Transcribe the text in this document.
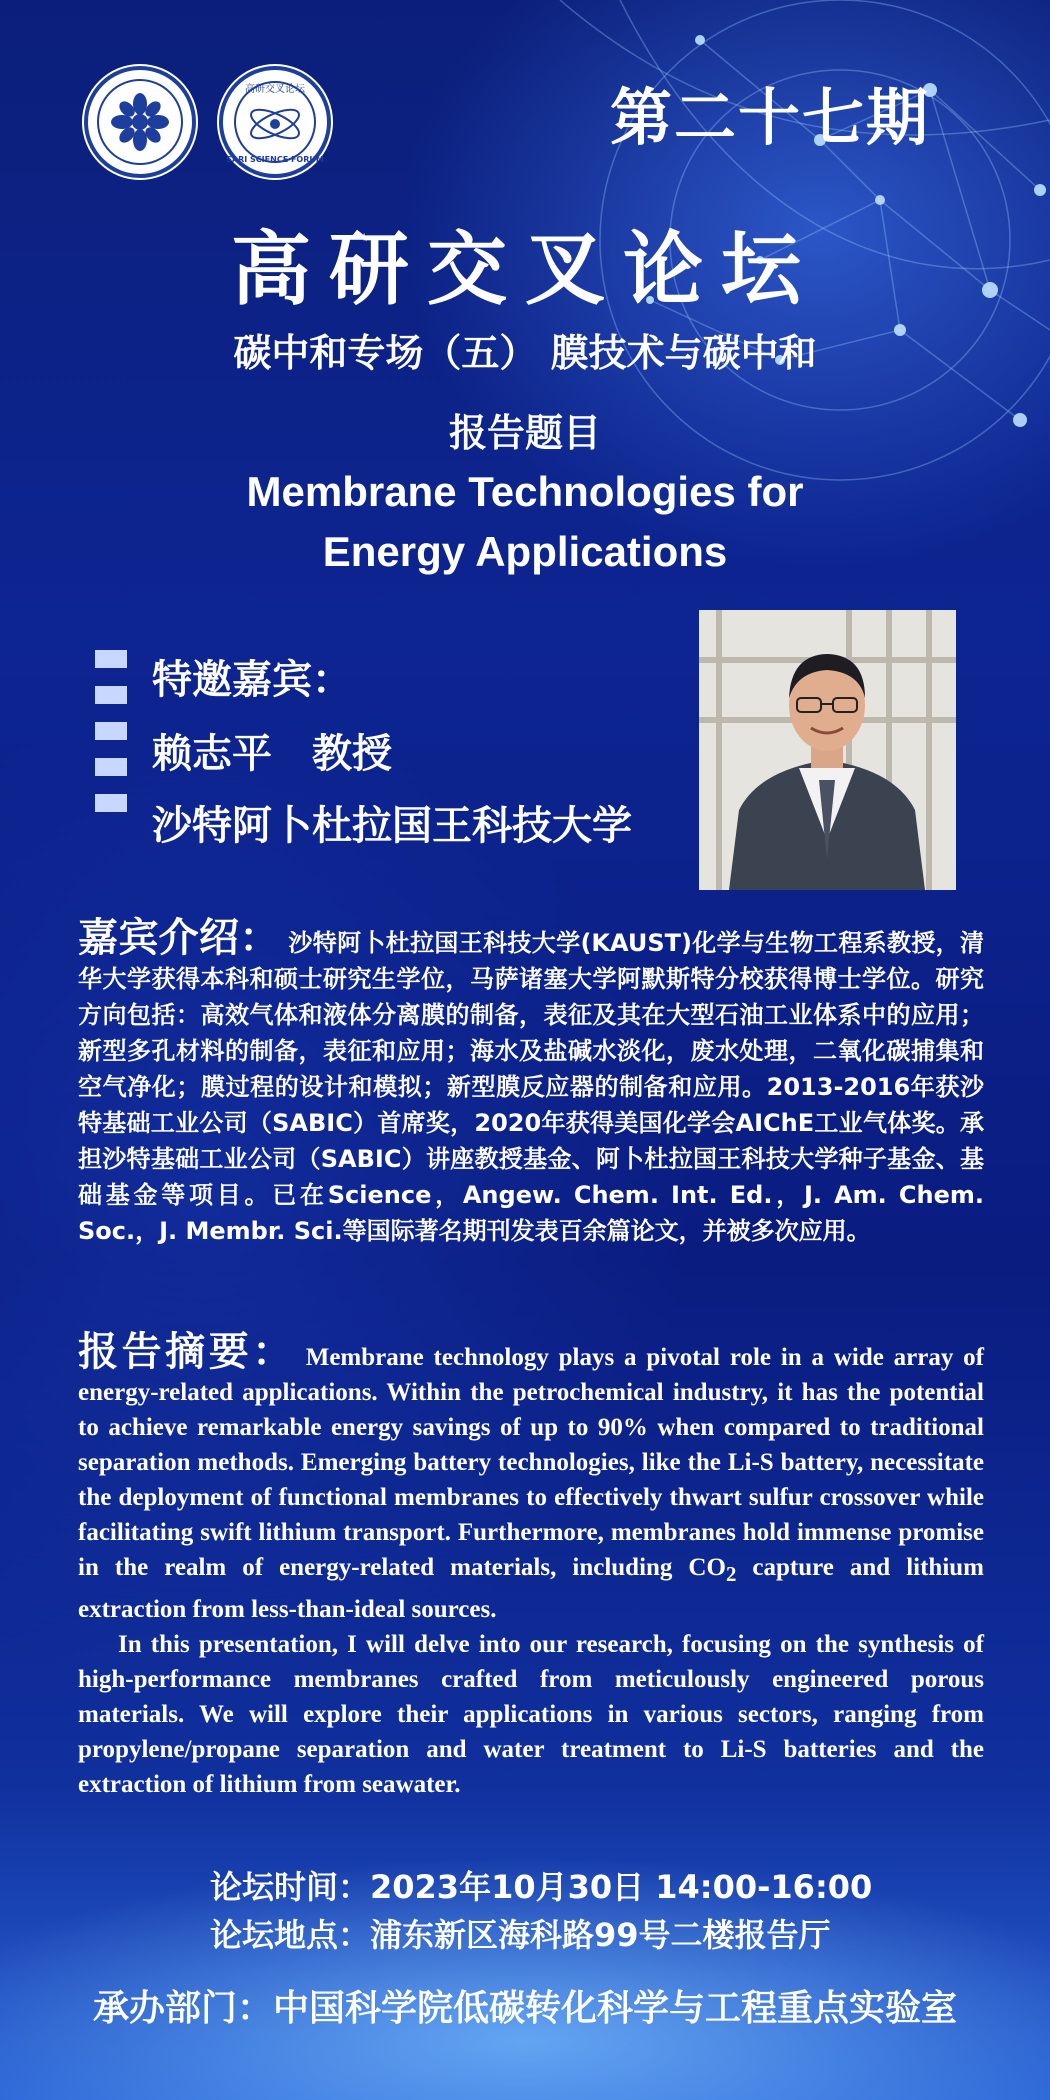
高研交叉论坛
SARI SCIENCE FORUM
第二十七期
高研交叉论坛
碳中和专场（五） 膜技术与碳中和
报告题目
Membrane Technologies for
Energy Applications
特邀嘉宾：
赖志平　教授
沙特阿卜杜拉国王科技大学
嘉宾介绍： 沙特阿卜杜拉国王科技大学(KAUST)化学与生物工程系教授，清华大学获得本科和硕士研究生学位，马萨诸塞大学阿默斯特分校获得博士学位。研究方向包括：高效气体和液体分离膜的制备，表征及其在大型石油工业体系中的应用；新型多孔材料的制备，表征和应用；海水及盐碱水淡化，废水处理，二氧化碳捕集和空气净化；膜过程的设计和模拟；新型膜反应器的制备和应用。2013-2016年获沙特基础工业公司（SABIC）首席奖，2020年获得美国化学会AIChE工业气体奖。承担沙特基础工业公司（SABIC）讲座教授基金、阿卜杜拉国王科技大学种子基金、基础基金等项目。已在Science，Angew. Chem. Int. Ed.，J. Am. Chem. Soc.，J. Membr. Sci.等国际著名期刊发表百余篇论文，并被多次应用。

报告摘要： Membrane technology plays a pivotal role in a wide array of energy-related applications. Within the petrochemical industry, it has the potential to achieve remarkable energy savings of up to 90% when compared to traditional separation methods. Emerging battery technologies, like the Li-S battery, necessitate the deployment of functional membranes to effectively thwart sulfur crossover while facilitating swift lithium transport. Furthermore, membranes hold immense promise in the realm of energy-related materials, including $CO_2$ capture and lithium extraction from less-than-ideal sources.

In this presentation, I will delve into our research, focusing on the synthesis of high-performance membranes crafted from meticulously engineered porous materials. We will explore their applications in various sectors, ranging from propylene/propane separation and water treatment to Li-S batteries and the extraction of lithium from seawater.

论坛时间：2023年10月30日 14:00-16:00
论坛地点：浦东新区海科路99号二楼报告厅
承办部门：中国科学院低碳转化科学与工程重点实验室
